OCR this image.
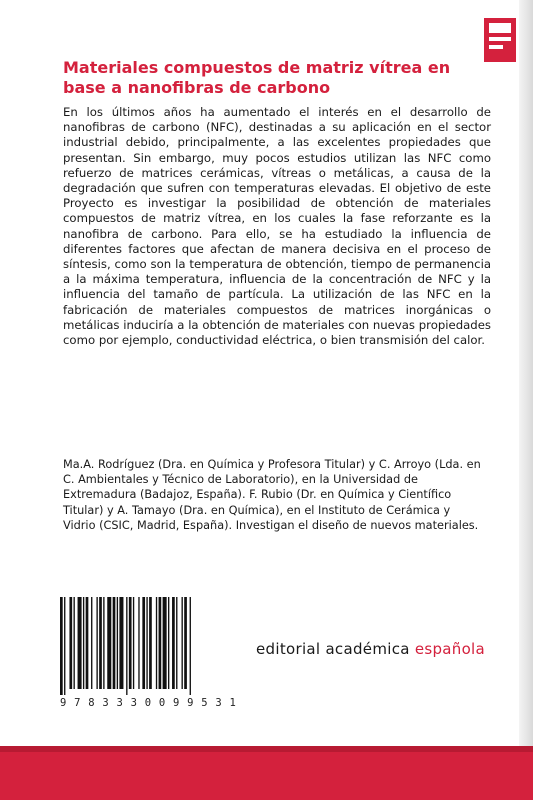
Materiales compuestos de matriz vítrea en base a nanofibras de carbono

En los últimos años ha aumentado el interés en el desarrollo de nanofibras de carbono (NFC), destinadas a su aplicación en el sector industrial debido, principalmente, a las excelentes propiedades que presentan. Sin embargo, muy pocos estudios utilizan las NFC como refuerzo de matrices cerámicas, vítreas o metálicas, a causa de la degradación que sufren con temperaturas elevadas. El objetivo de este Proyecto es investigar la posibilidad de obtención de materiales compuestos de matriz vítrea, en los cuales la fase reforzante es la nanofibra de carbono. Para ello, se ha estudiado la influencia de diferentes factores que afectan de manera decisiva en el proceso de síntesis, como son la temperatura de obtención, tiempo de permanencia a la máxima temperatura, influencia de la concentración de NFC y la influencia del tamaño de partícula. La utilización de las NFC en la fabricación de materiales compuestos de matrices inorgánicas o metálicas induciría a la obtención de materiales con nuevas propiedades como por ejemplo, conductividad eléctrica, o bien transmisión del calor.

Ma.A. Rodríguez (Dra. en Química y Profesora Titular) y C. Arroyo (Lda. en C. Ambientales y Técnico de Laboratorio), en la Universidad de Extremadura (Badajoz, España). F. Rubio (Dr. en Química y Científico Titular) y A. Tamayo (Dra. en Química), en el Instituto de Cerámica y Vidrio (CSIC, Madrid, España). Investigan el diseño de nuevos materiales.

9 7 8 3 3 3 0 0 9 9 5 3 1
editorial académica española
